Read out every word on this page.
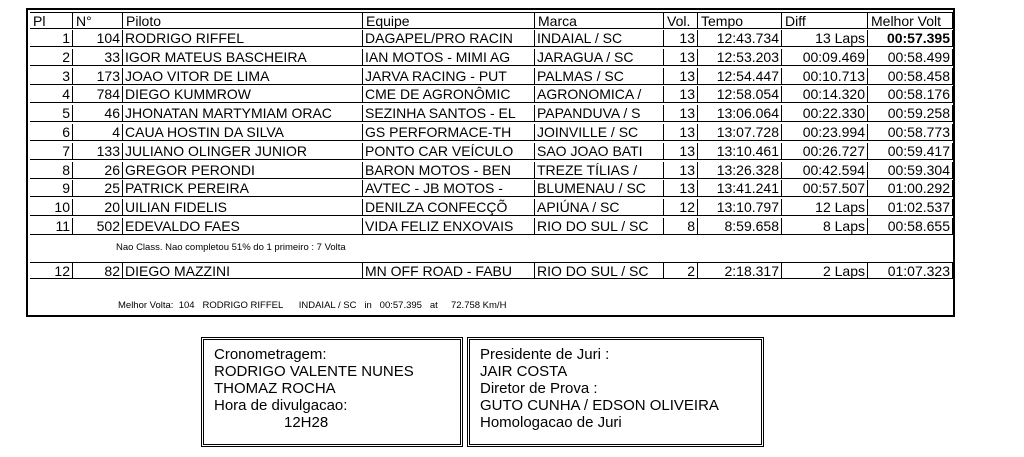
Pl	N°	Piloto	Equipe	Marca	Vol. Tempo	Diff	Melhor Volt
1	104 RODRIGO RIFFEL	DAGAPEL/PRO RACIN	INDAIAL / SC	13	12:43.734	13 Laps	00:57.395
2	33 IGOR MATEUS BASCHEIRA	IAN MOTOS - MIMI AG	JARAGUA / SC	13	12:53.203	00:09.469	00:58.499
3	173 JOAO VITOR DE LIMA	JARVA RACING - PUT	PALMAS / SC	13	12:54.447	00:10.713	00:58.458
4	784 DIEGO KUMMROW	CME DE AGRONÔMIC	AGRONOMICA /	13	12:58.054	00:14.320	00:58.176
5	46 JHONATAN MARTYMIAM ORAC	SEZINHA SANTOS - EL	PAPANDUVA / S	13	13:06.064	00:22.330	00:59.258
6	4 CAUA HOSTIN DA SILVA	GS PERFORMACE-TH	JOINVILLE / SC	13	13:07.728	00:23.994	00:58.773
7	133 JULIANO OLINGER JUNIOR	PONTO CAR VEÍCULO	SAO JOAO BATI	13	13:10.461	00:26.727	00:59.417
8	26 GREGOR PERONDI	BARON MOTOS - BEN	TREZE TÍLIAS /	13	13:26.328	00:42.594	00:59.304
9	25 PATRICK PEREIRA	AVTEC - JB MOTOS -	BLUMENAU / SC	13	13:41.241	00:57.507	01:00.292
10	20 UILIAN FIDELIS	DENILZA CONFECÇÕ	APIÚNA / SC	12	13:10.797	12 Laps	01:02.537
11	502 EDEVALDO FAES	VIDA FELIZ ENXOVAIS	RIO DO SUL / SC	8	8:59.658	8 Laps	00:58.655
Nao Class. Nao completou 51% do 1 primeiro : 7 Volta
12	82 DIEGO MAZZINI	MN OFF ROAD - FABU	RIO DO SUL / SC	2	2:18.317	2 Laps	01:07.323
Melhor Volta:  104   RODRIGO RIFFEL      INDAIAL / SC   in   00:57.395   at     72.758 Km/H
Cronometragem:
RODRIGO VALENTE NUNES
THOMAZ ROCHA
Hora de divulgacao:
12H28
Presidente de Juri :
JAIR COSTA
Diretor de Prova :
GUTO CUNHA / EDSON OLIVEIRA
Homologacao de Juri
